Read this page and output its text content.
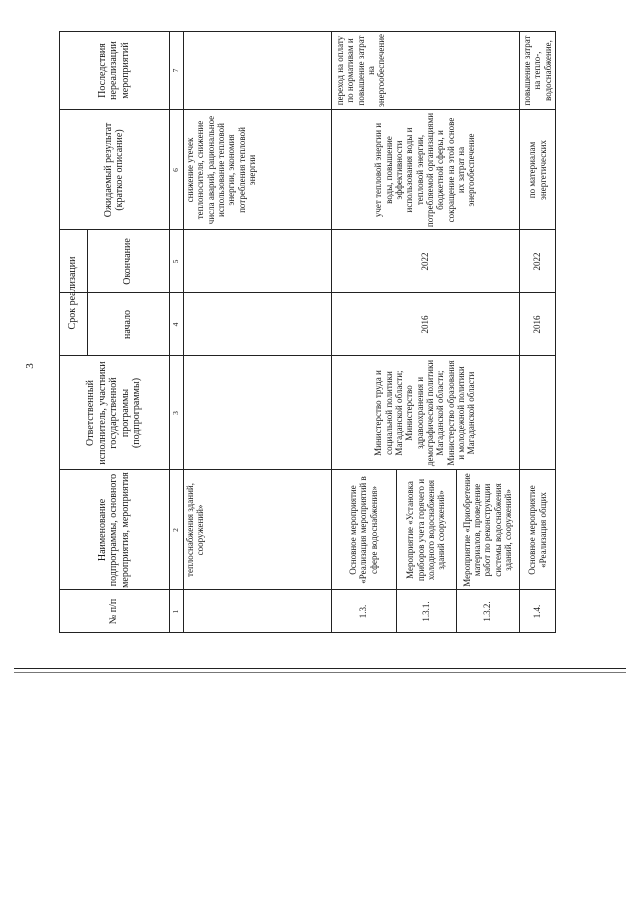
3
№ п/п
Наименование подпрограммы, основного мероприятия, мероприятия
Ответственный исполнитель, участники государственной программы (подпрограммы)
Срок реализации	начало
Окончание
Ожидаемый результат (краткое описание)
Последствия нереализации мероприятий
1
2
3
4
5
6
7
теплоснабжения зданий, сооружений»
снижение утечек теплоносителя, снижение числа аварий, рациональное использование тепловой энергии, экономия потребления тепловой энергии
1.3.
Основное мероприятие «Реализация мероприятий в сфере водоснабжения»
1.3.1.
Мероприятие «Установка приборов учета горячего и холодного водоснабжения зданий сооружений»
1.3.2.
Мероприятие «Приобретение материалов, проведение работ по реконструкции системы водоснабжения зданий, сооружений»
Министерство труда и социальной политики Магаданской области; Министерство здравоохранения и демографической политики Магаданской области; Министерство образования и молодежной политики Магаданской области
2016
2022
учет тепловой энергии и воды, повышение эффективности использования воды и тепловой энергии, потребляемой организациями бюджетной сферы, и сокращение на этой основе их затрат на энергообеспечение
переход на оплату по нормативам и повышение затрат на энергообеспечение
1.4.
Основное мероприятие «Реализация общих
2016
2022
по материалам энергетических
повышение затрат на тепло-, водоснабжение,
